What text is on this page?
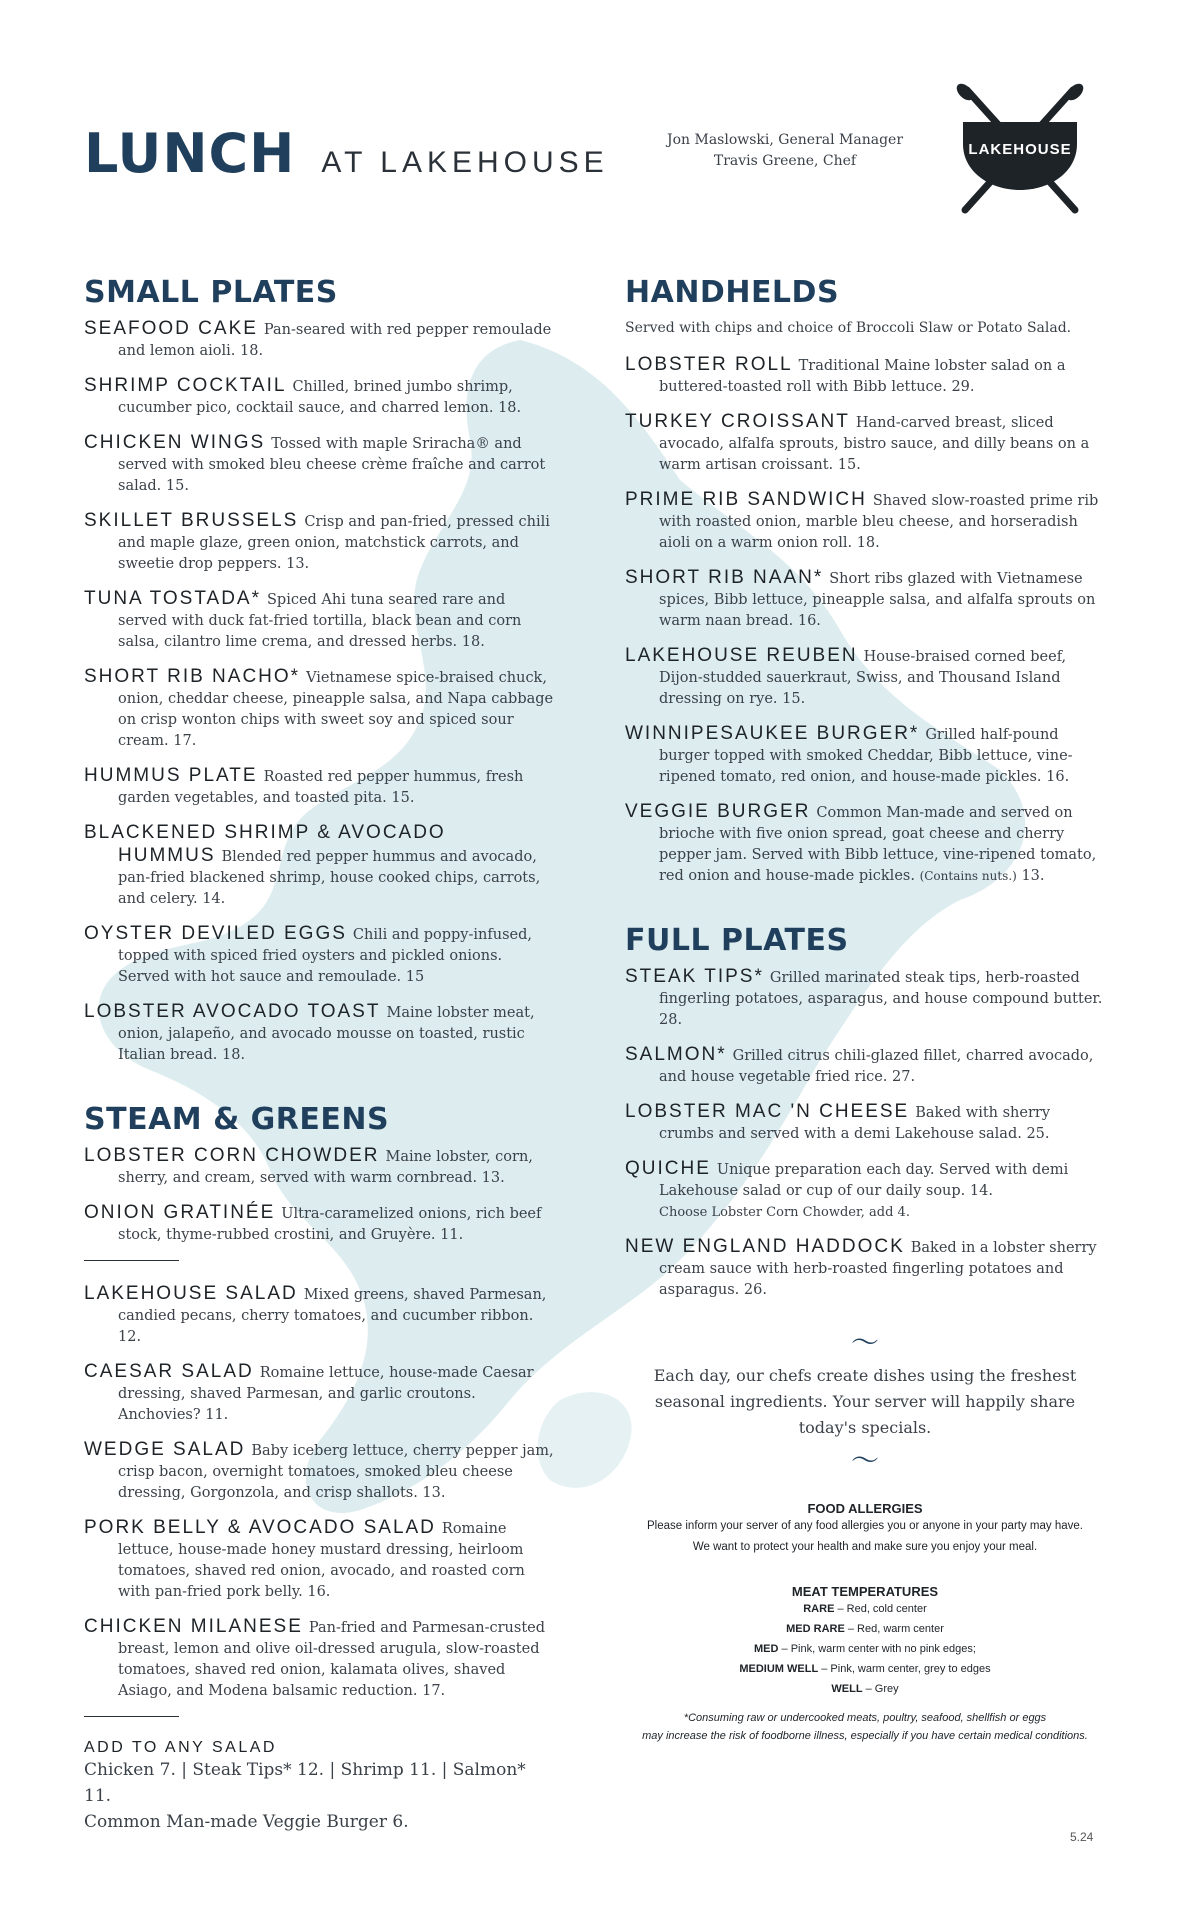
LUNCH AT LAKEHOUSE
Jon Maslowski, General Manager
Travis Greene, Chef
LAKEHOUSE
SMALL PLATES

SEAFOOD CAKE Pan-seared with red pepper remoulade and lemon aioli. 18.

SHRIMP COCKTAIL Chilled, brined jumbo shrimp, cucumber pico, cocktail sauce, and charred lemon. 18.

CHICKEN WINGS Tossed with maple Sriracha® and served with smoked bleu cheese crème fraîche and carrot salad. 15.

SKILLET BRUSSELS Crisp and pan-fried, pressed chili and maple glaze, green onion, matchstick carrots, and sweetie drop peppers. 13.

TUNA TOSTADA* Spiced Ahi tuna seared rare and served with duck fat-fried tortilla, black bean and corn salsa, cilantro lime crema, and dressed herbs. 18.

SHORT RIB NACHO* Vietnamese spice-braised chuck, onion, cheddar cheese, pineapple salsa, and Napa cabbage on crisp wonton chips with sweet soy and spiced sour cream. 17.

HUMMUS PLATE Roasted red pepper hummus, fresh garden vegetables, and toasted pita. 15.

BLACKENED SHRIMP & AVOCADO HUMMUS Blended red pepper hummus and avocado, pan-fried blackened shrimp, house cooked chips, carrots, and celery. 14.

OYSTER DEVILED EGGS Chili and poppy-infused, topped with spiced fried oysters and pickled onions. Served with hot sauce and remoulade. 15

LOBSTER AVOCADO TOAST Maine lobster meat, onion, jalapeño, and avocado mousse on toasted, rustic Italian bread. 18.

STEAM & GREENS

LOBSTER CORN CHOWDER Maine lobster, corn, sherry, and cream, served with warm cornbread. 13.

ONION GRATINÉE Ultra-caramelized onions, rich beef stock, thyme-rubbed crostini, and Gruyère. 11.

LAKEHOUSE SALAD Mixed greens, shaved Parmesan, candied pecans, cherry tomatoes, and cucumber ribbon. 12.

CAESAR SALAD Romaine lettuce, house-made Caesar dressing, shaved Parmesan, and garlic croutons. Anchovies? 11.

WEDGE SALAD Baby iceberg lettuce, cherry pepper jam, crisp bacon, overnight tomatoes, smoked bleu cheese dressing, Gorgonzola, and crisp shallots. 13.

PORK BELLY & AVOCADO SALAD Romaine lettuce, house-made honey mustard dressing, heirloom tomatoes, shaved red onion, avocado, and roasted corn with pan-fried pork belly. 16.

CHICKEN MILANESE Pan-fried and Parmesan-crusted breast, lemon and olive oil-dressed arugula, slow-roasted tomatoes, shaved red onion, kalamata olives, shaved Asiago, and Modena balsamic reduction. 17.

ADD TO ANY SALAD
Chicken 7. | Steak Tips* 12. | Shrimp 11. | Salmon* 11.
Common Man-made Veggie Burger 6.
HANDHELDS

Served with chips and choice of Broccoli Slaw or Potato Salad.

LOBSTER ROLL Traditional Maine lobster salad on a buttered-toasted roll with Bibb lettuce. 29.

TURKEY CROISSANT Hand-carved breast, sliced avocado, alfalfa sprouts, bistro sauce, and dilly beans on a warm artisan croissant. 15.

PRIME RIB SANDWICH Shaved slow-roasted prime rib with roasted onion, marble bleu cheese, and horseradish aioli on a warm onion roll. 18.

SHORT RIB NAAN* Short ribs glazed with Vietnamese spices, Bibb lettuce, pineapple salsa, and alfalfa sprouts on warm naan bread. 16.

LAKEHOUSE REUBEN House-braised corned beef, Dijon-studded sauerkraut, Swiss, and Thousand Island dressing on rye. 15.

WINNIPESAUKEE BURGER* Grilled half-pound burger topped with smoked Cheddar, Bibb lettuce, vine-ripened tomato, red onion, and house-made pickles. 16.

VEGGIE BURGER Common Man-made and served on brioche with five onion spread, goat cheese and cherry pepper jam. Served with Bibb lettuce, vine-ripened tomato, red onion and house-made pickles. (Contains nuts.) 13.

FULL PLATES

STEAK TIPS* Grilled marinated steak tips, herb-roasted fingerling potatoes, asparagus, and house compound butter. 28.

SALMON* Grilled citrus chili-glazed fillet, charred avocado, and house vegetable fried rice. 27.

LOBSTER MAC 'N CHEESE Baked with sherry crumbs and served with a demi Lakehouse salad. 25.

QUICHE Unique preparation each day. Served with demi Lakehouse salad or cup of our daily soup. 14.
Choose Lobster Corn Chowder, add 4.

NEW ENGLAND HADDOCK Baked in a lobster sherry cream sauce with herb-roasted fingerling potatoes and asparagus. 26.

〜
Each day, our chefs create dishes using the freshest seasonal ingredients. Your server will happily share today's specials.
〜
FOOD ALLERGIES
Please inform your server of any food allergies you or anyone in your party may have.
We want to protect your health and make sure you enjoy your meal.
MEAT TEMPERATURES
RARE – Red, cold center
MED RARE – Red, warm center
MED – Pink, warm center with no pink edges;
MEDIUM WELL – Pink, warm center, grey to edges
WELL – Grey
*Consuming raw or undercooked meats, poultry, seafood, shellfish or eggs
may increase the risk of foodborne illness, especially if you have certain medical conditions.
5.24
